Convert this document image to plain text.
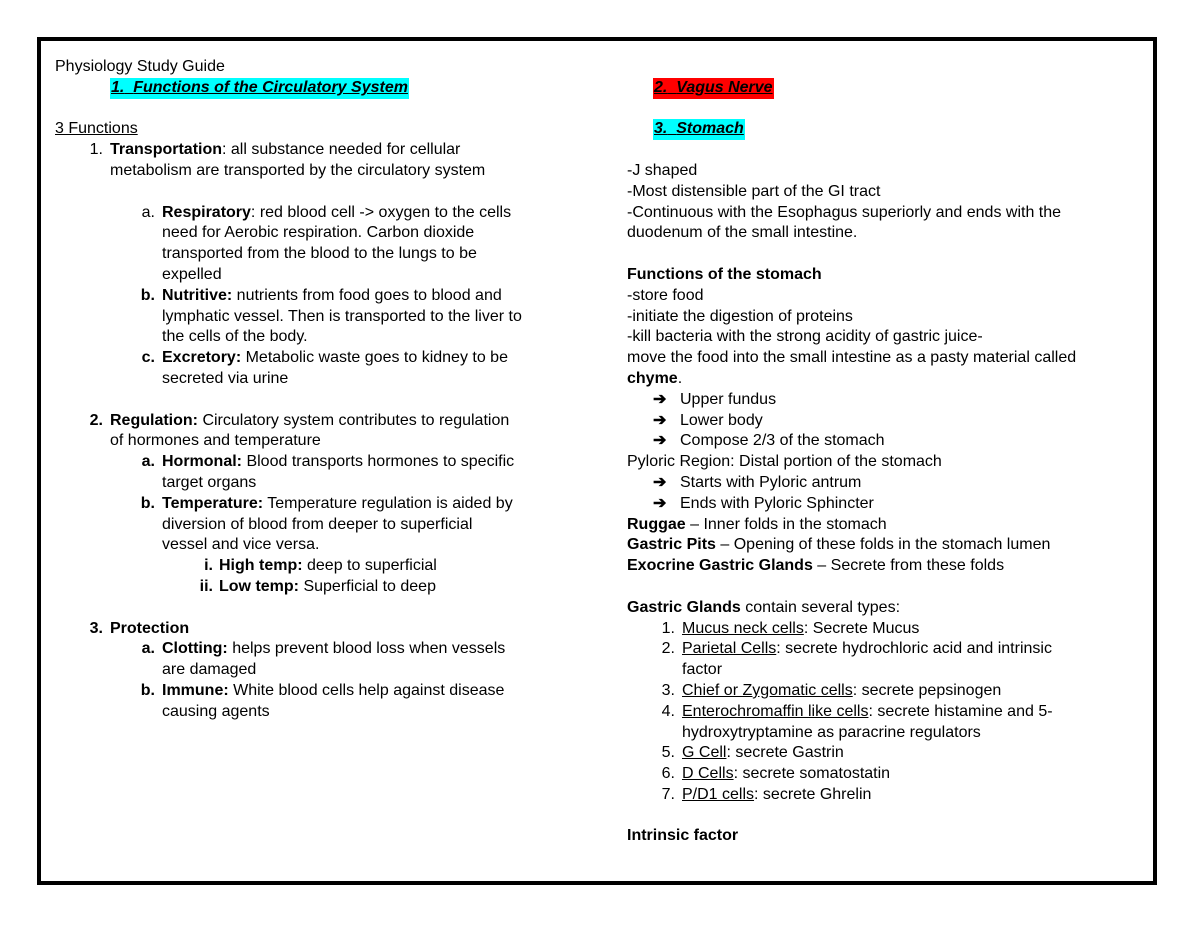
Physiology Study Guide
1. Functions of the Circulatory System
3 Functions
1. Transportation: all substance needed for cellular
metabolism are transported by the circulatory system
a. Respiratory: red blood cell -> oxygen to the cells
need for Aerobic respiration. Carbon dioxide
transported from the blood to the lungs to be
expelled
b. Nutritive: nutrients from food goes to blood and
lymphatic vessel. Then is transported to the liver to
the cells of the body.
c. Excretory: Metabolic waste goes to kidney to be
secreted via urine
2. Regulation: Circulatory system contributes to regulation
of hormones and temperature
a. Hormonal: Blood transports hormones to specific
target organs
b. Temperature: Temperature regulation is aided by
diversion of blood from deeper to superficial
vessel and vice versa.
i. High temp: deep to superficial
ii. Low temp: Superficial to deep
3. Protection
a. Clotting: helps prevent blood loss when vessels
are damaged
b. Immune: White blood cells help against disease
causing agents
2. Vagus Nerve
3. Stomach
-J shaped
-Most distensible part of the GI tract
-Continuous with the Esophagus superiorly and ends with the
duodenum of the small intestine.
Functions of the stomach
-store food
-initiate the digestion of proteins
-kill bacteria with the strong acidity of gastric juice-
move the food into the small intestine as a pasty material called
chyme.
➔ Upper fundus
➔ Lower body
➔ Compose 2/3 of the stomach
Pyloric Region: Distal portion of the stomach
➔ Starts with Pyloric antrum
➔ Ends with Pyloric Sphincter
Ruggae – Inner folds in the stomach
Gastric Pits – Opening of these folds in the stomach lumen
Exocrine Gastric Glands – Secrete from these folds
Gastric Glands contain several types:
1. Mucus neck cells: Secrete Mucus
2. Parietal Cells: secrete hydrochloric acid and intrinsic
factor
3. Chief or Zygomatic cells: secrete pepsinogen
4. Enterochromaffin like cells: secrete histamine and 5-
hydroxytryptamine as paracrine regulators
5. G Cell: secrete Gastrin
6. D Cells: secrete somatostatin
7. P/D1 cells: secrete Ghrelin
Intrinsic factor
